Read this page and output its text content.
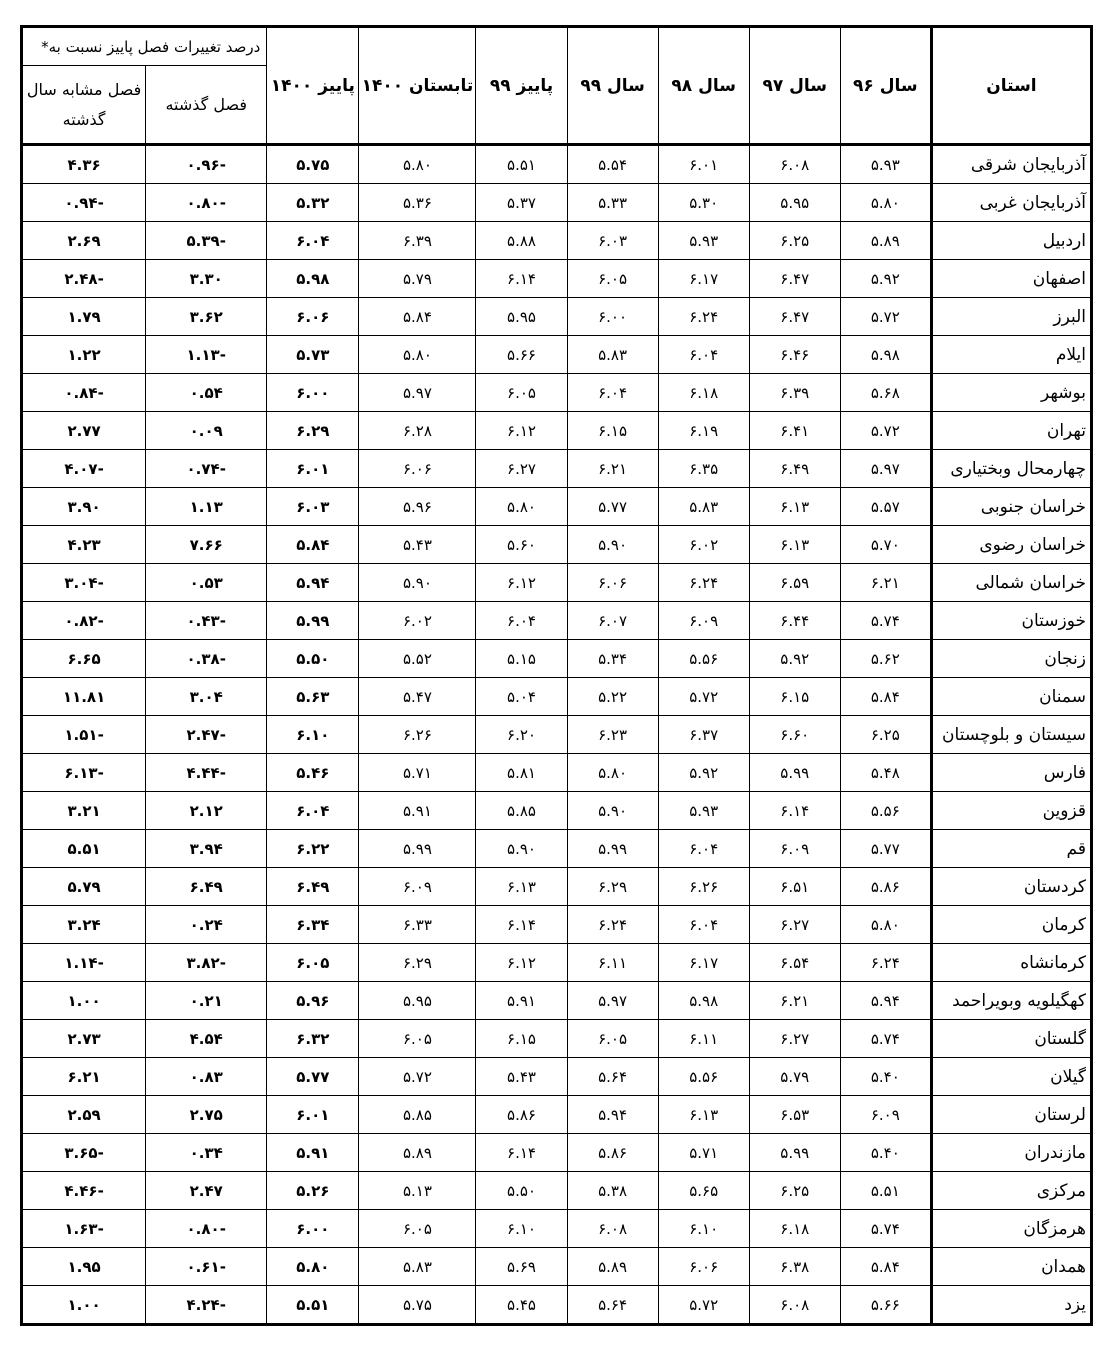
استان	سال ۹۶	سال ۹۷	سال ۹۸	سال ۹۹	پاییز ۹۹	تابستان ۱۴۰۰	پاییز ۱۴۰۰	درصد تغییرات فصل پاییز نسبت به*	
								فصل گذشته	فصل مشابه سال گذشته
آذربایجان شرقی	۵.۹۳	۶.۰۸	۶.۰۱	۵.۵۴	۵.۵۱	۵.۸۰	۵.۷۵	-۰.۹۶	۴.۳۶
آذربایجان غربی	۵.۸۰	۵.۹۵	۵.۳۰	۵.۳۳	۵.۳۷	۵.۳۶	۵.۳۲	-۰.۸۰	-۰.۹۴
اردبیل	۵.۸۹	۶.۲۵	۵.۹۳	۶.۰۳	۵.۸۸	۶.۳۹	۶.۰۴	-۵.۳۹	۲.۶۹
اصفهان	۵.۹۲	۶.۴۷	۶.۱۷	۶.۰۵	۶.۱۴	۵.۷۹	۵.۹۸	۳.۳۰	-۲.۴۸
البرز	۵.۷۲	۶.۴۷	۶.۲۴	۶.۰۰	۵.۹۵	۵.۸۴	۶.۰۶	۳.۶۲	۱.۷۹
ایلام	۵.۹۸	۶.۴۶	۶.۰۴	۵.۸۳	۵.۶۶	۵.۸۰	۵.۷۳	-۱.۱۳	۱.۲۲
بوشهر	۵.۶۸	۶.۳۹	۶.۱۸	۶.۰۴	۶.۰۵	۵.۹۷	۶.۰۰	۰.۵۴	-۰.۸۴
تهران	۵.۷۲	۶.۴۱	۶.۱۹	۶.۱۵	۶.۱۲	۶.۲۸	۶.۲۹	۰.۰۹	۲.۷۷
چهارمحال وبختیاری	۵.۹۷	۶.۴۹	۶.۳۵	۶.۲۱	۶.۲۷	۶.۰۶	۶.۰۱	-۰.۷۴	-۴.۰۷
خراسان جنوبی	۵.۵۷	۶.۱۳	۵.۸۳	۵.۷۷	۵.۸۰	۵.۹۶	۶.۰۳	۱.۱۳	۳.۹۰
خراسان رضوی	۵.۷۰	۶.۱۳	۶.۰۲	۵.۹۰	۵.۶۰	۵.۴۳	۵.۸۴	۷.۶۶	۴.۲۳
خراسان شمالی	۶.۲۱	۶.۵۹	۶.۲۴	۶.۰۶	۶.۱۲	۵.۹۰	۵.۹۴	۰.۵۳	-۳.۰۴
خوزستان	۵.۷۴	۶.۴۴	۶.۰۹	۶.۰۷	۶.۰۴	۶.۰۲	۵.۹۹	-۰.۴۳	-۰.۸۲
زنجان	۵.۶۲	۵.۹۲	۵.۵۶	۵.۳۴	۵.۱۵	۵.۵۲	۵.۵۰	-۰.۳۸	۶.۶۵
سمنان	۵.۸۴	۶.۱۵	۵.۷۲	۵.۲۲	۵.۰۴	۵.۴۷	۵.۶۳	۳.۰۴	۱۱.۸۱
سیستان و بلوچستان	۶.۲۵	۶.۶۰	۶.۳۷	۶.۲۳	۶.۲۰	۶.۲۶	۶.۱۰	-۲.۴۷	-۱.۵۱
فارس	۵.۴۸	۵.۹۹	۵.۹۲	۵.۸۰	۵.۸۱	۵.۷۱	۵.۴۶	-۴.۴۴	-۶.۱۳
قزوین	۵.۵۶	۶.۱۴	۵.۹۳	۵.۹۰	۵.۸۵	۵.۹۱	۶.۰۴	۲.۱۲	۳.۲۱
قم	۵.۷۷	۶.۰۹	۶.۰۴	۵.۹۹	۵.۹۰	۵.۹۹	۶.۲۲	۳.۹۴	۵.۵۱
کردستان	۵.۸۶	۶.۵۱	۶.۲۶	۶.۲۹	۶.۱۳	۶.۰۹	۶.۴۹	۶.۴۹	۵.۷۹
کرمان	۵.۸۰	۶.۲۷	۶.۰۴	۶.۲۴	۶.۱۴	۶.۳۳	۶.۳۴	۰.۲۴	۳.۲۴
کرمانشاه	۶.۲۴	۶.۵۴	۶.۱۷	۶.۱۱	۶.۱۲	۶.۲۹	۶.۰۵	-۳.۸۲	-۱.۱۴
کهگیلویه وبویراحمد	۵.۹۴	۶.۲۱	۵.۹۸	۵.۹۷	۵.۹۱	۵.۹۵	۵.۹۶	۰.۲۱	۱.۰۰
گلستان	۵.۷۴	۶.۲۷	۶.۱۱	۶.۰۵	۶.۱۵	۶.۰۵	۶.۳۲	۴.۵۴	۲.۷۳
گیلان	۵.۴۰	۵.۷۹	۵.۵۶	۵.۶۴	۵.۴۳	۵.۷۲	۵.۷۷	۰.۸۳	۶.۲۱
لرستان	۶.۰۹	۶.۵۳	۶.۱۳	۵.۹۴	۵.۸۶	۵.۸۵	۶.۰۱	۲.۷۵	۲.۵۹
مازندران	۵.۴۰	۵.۹۹	۵.۷۱	۵.۸۶	۶.۱۴	۵.۸۹	۵.۹۱	۰.۳۴	-۳.۶۵
مرکزی	۵.۵۱	۶.۲۵	۵.۶۵	۵.۳۸	۵.۵۰	۵.۱۳	۵.۲۶	۲.۴۷	-۴.۴۶
هرمزگان	۵.۷۴	۶.۱۸	۶.۱۰	۶.۰۸	۶.۱۰	۶.۰۵	۶.۰۰	-۰.۸۰	-۱.۶۳
همدان	۵.۸۴	۶.۳۸	۶.۰۶	۵.۸۹	۵.۶۹	۵.۸۳	۵.۸۰	-۰.۶۱	۱.۹۵
یزد	۵.۶۶	۶.۰۸	۵.۷۲	۵.۶۴	۵.۴۵	۵.۷۵	۵.۵۱	-۴.۲۴	۱.۰۰
